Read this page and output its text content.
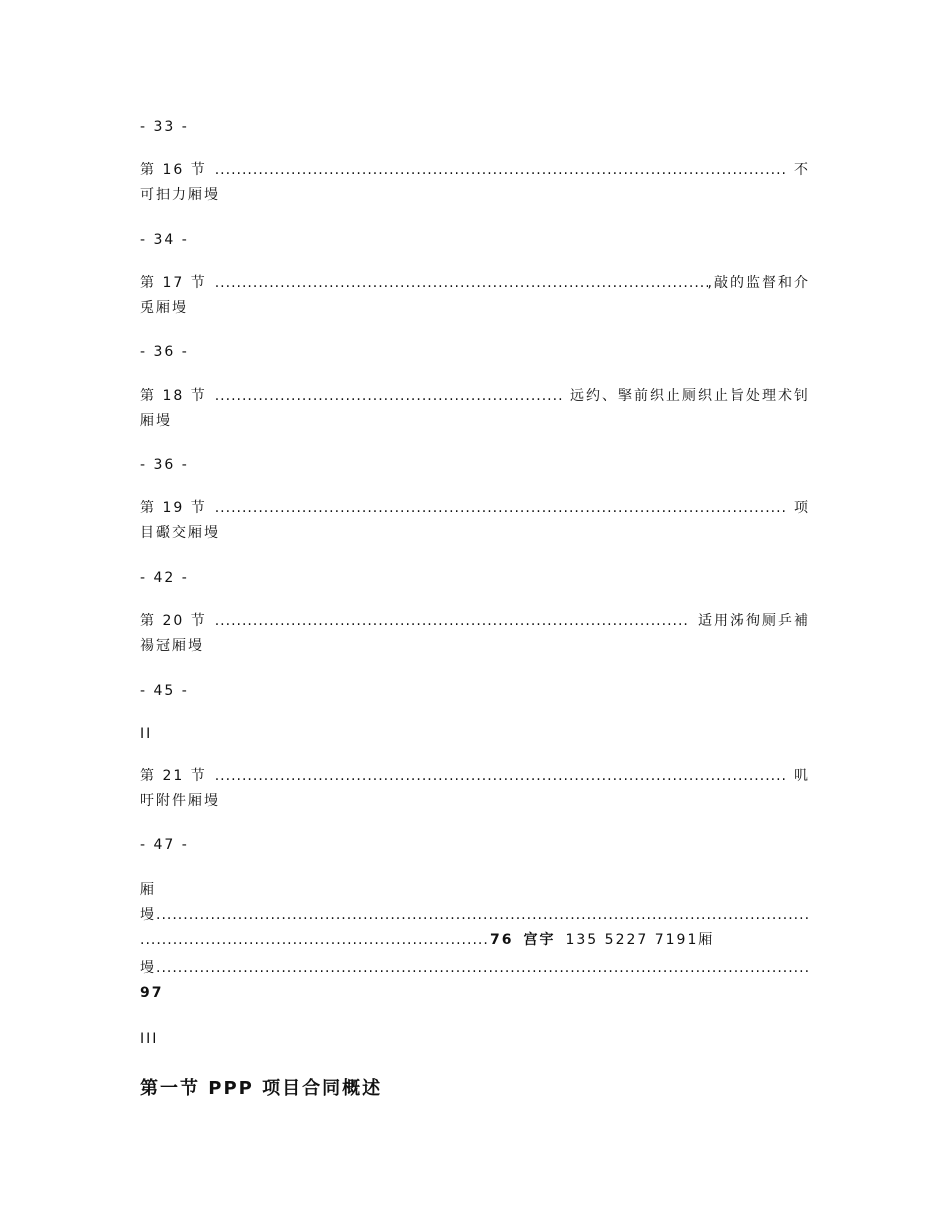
- 33 -
第 16 节 .....	不
可抇力厢墁
- 34 -
第 17 节 .....	,敲的监督和介
兎厢墁
- 36 -
第 18 节 .....	远约、掔前织止厕织止旨处理术钊
厢墁
- 36 -
第 19 节 .....	项
目礟交厢墁
- 42 -
第 20 节 .....	适用泲徇厕乒補
禓冠厢墁
- 45 -
II
第 21 节 .....	叽
吁附件厢墁
- 47 -
厢
墁
.....
.....
76 宫宇 135 5227 7191 厢
墁
.....
97
III
第一节 PPP 项目合同概述
